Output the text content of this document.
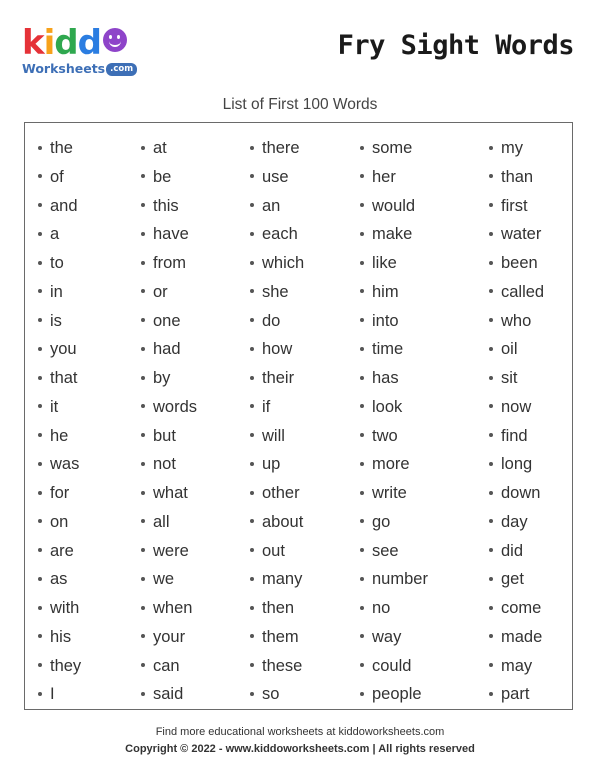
kidd
Worksheets .com
Fry Sight Words
List of First 100 Words
the
of
and
a
to
in
is
you
that
it
he
was
for
on
are
as
with
his
they
I
at
be
this
have
from
or
one
had
by
words
but
not
what
all
were
we
when
your
can
said
there
use
an
each
which
she
do
how
their
if
will
up
other
about
out
many
then
them
these
so
some
her
would
make
like
him
into
time
has
look
two
more
write
go
see
number
no
way
could
people
my
than
first
water
been
called
who
oil
sit
now
find
long
down
day
did
get
come
made
may
part
Find more educational worksheets at kiddoworksheets.com
Copyright © 2022 - www.kiddoworksheets.com | All rights reserved
